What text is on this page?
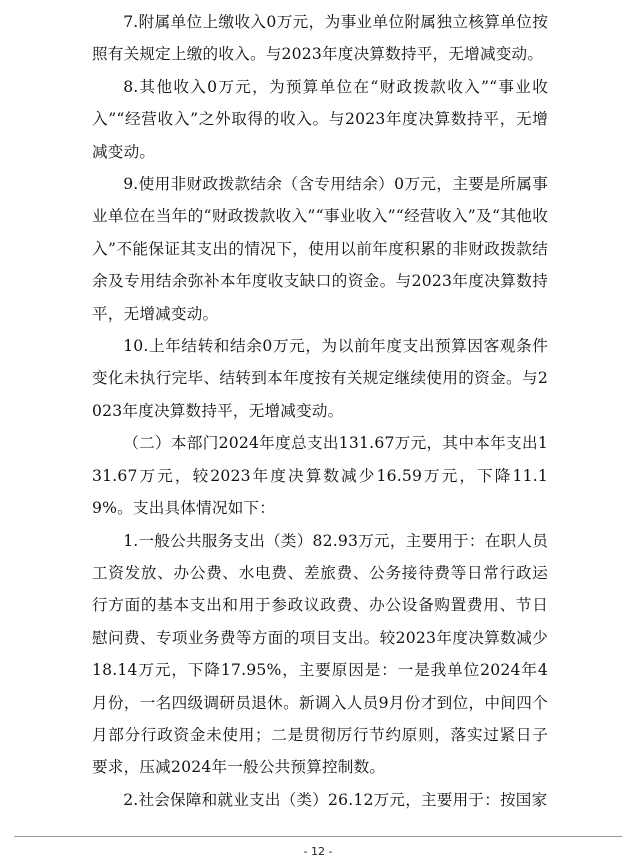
7.附属单位上缴收入0万元，为事业单位附属独立核算单位按照有关规定上缴的收入。与2023年度决算数持平，无增减变动。

8.其他收入0万元，为预算单位在“财政拨款收入”“事业收入”“经营收入”之外取得的收入。与2023年度决算数持平，无增减变动。

9.使用非财政拨款结余（含专用结余）0万元，主要是所属事业单位在当年的“财政拨款收入”“事业收入”“经营收入”及“其他收入”不能保证其支出的情况下，使用以前年度积累的非财政拨款结余及专用结余弥补本年度收支缺口的资金。与2023年度决算数持平，无增减变动。

10.上年结转和结余0万元，为以前年度支出预算因客观条件变化未执行完毕、结转到本年度按有关规定继续使用的资金。与2023年度决算数持平，无增减变动。

（二）本部门2024年度总支出131.67万元，其中本年支出131.67万元，较2023年度决算数减少16.59万元，下降11.19%。支出具体情况如下：

1.一般公共服务支出（类）82.93万元，主要用于：在职人员工资发放、办公费、水电费、差旅费、公务接待费等日常行政运行方面的基本支出和用于参政议政费、办公设备购置费用、节日慰问费、专项业务费等方面的项目支出。较2023年度决算数减少18.14万元，下降17.95%，主要原因是：一是我单位2024年4月份，一名四级调研员退休。新调入人员9月份才到位，中间四个月部分行政资金未使用；二是贯彻厉行节约原则，落实过紧日子要求，压减2024年一般公共预算控制数。

2.社会保障和就业支出（类）26.12万元，主要用于：按国家

- 12 -
